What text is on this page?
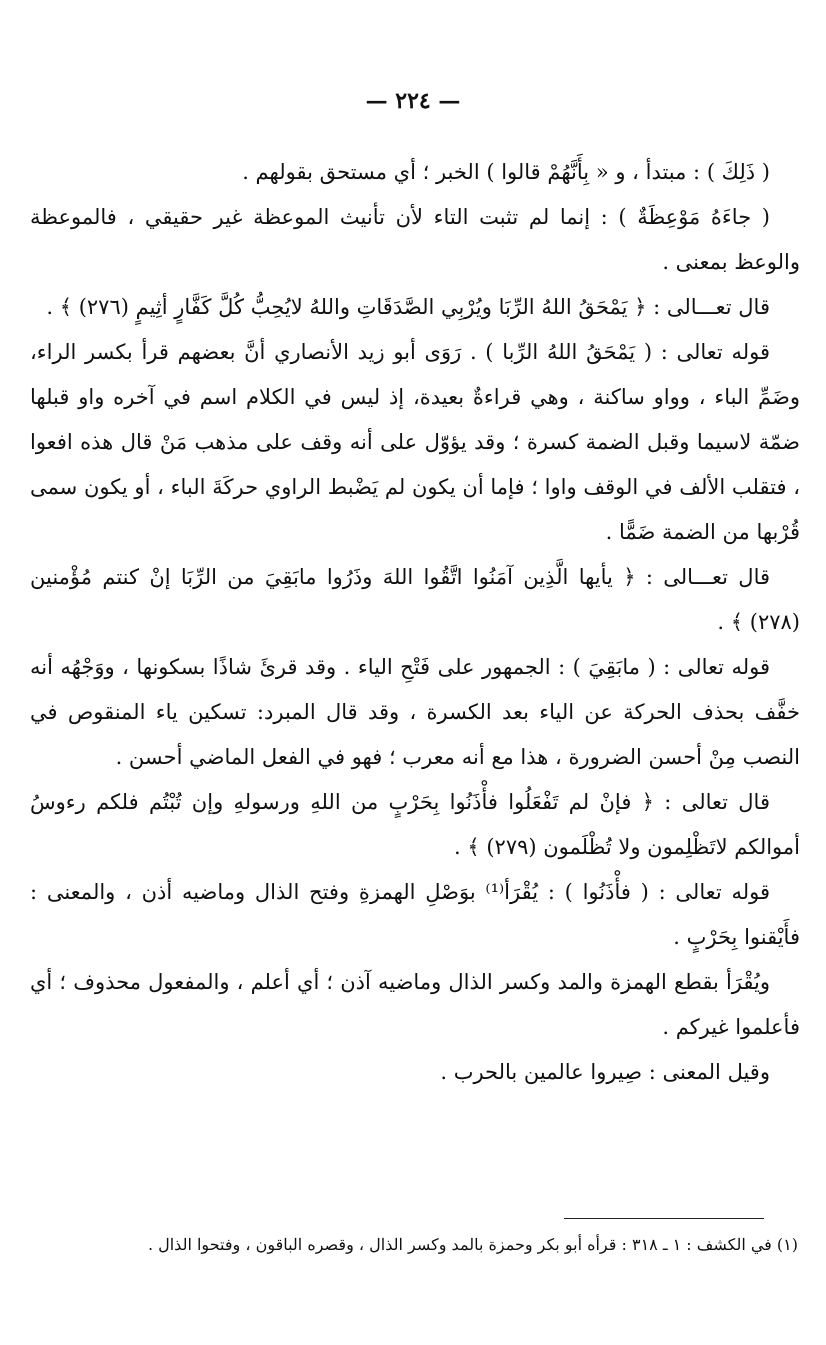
— ٢٢٤ —

( ذَلِكَ ) : مبتدأ ، و « بِأَنَّهُمْ قالوا ) الخبر ؛ أي مستحق بقولهم .

( جاءَهُ مَوْعِظَةٌ ) : إنما لم تثبت التاء لأن تأنيث الموعظة غير حقيقي ، فالموعظة والوعظ بمعنى .

قال تعـــالى : ﴿ يَمْحَقُ اللهُ الرِّبَا ويُرْبِي الصَّدَقَاتِ واللهُ لايُحِبُّ كُلَّ كَفَّارٍ أثِيمٍ (٢٧٦) ﴾ .

قوله تعالى : ( يَمْحَقُ اللهُ الرِّبا ) . رَوَى أبو زيد الأنصاري أنَّ بعضهم قرأ بكسر الراء، وضَمِّ الباء ، وواو ساكنة ، وهي قراءةٌ بعيدة، إذ ليس في الكلام اسم في آخره واو قبلها ضمّة لاسيما وقبل الضمة كسرة ؛ وقد يؤوّل على أنه وقف على مذهب مَنْ قال هذه افعوا ، فتقلب الألف في الوقف واوا ؛ فإما أن يكون لم يَضْبط الراوي حركَةَ الباء ، أو يكون سمى قُرْبها من الضمة ضَمًّا .

قال تعـــالى : ﴿ يأيها الَّذِين آمَنُوا اتَّقُوا اللهَ وذَرُوا مابَقِيَ من الرِّبَا إنْ كنتم مُؤْمنين (٢٧٨) ﴾ .

قوله تعالى : ( مابَقِيَ ) : الجمهور على فَتْحِ الياء . وقد قرئَ شاذًا بسكونها ، ووَجْهُه أنه خفَّف بحذف الحركة عن الياء بعد الكسرة ، وقد قال المبرد: تسكين ياء المنقوص في النصب مِنْ أحسن الضرورة ، هذا مع أنه معرب ؛ فهو في الفعل الماضي أحسن .

قال تعالى : ﴿ فإنْ لم تَفْعَلُوا فأْذَنُوا بِحَرْبٍ من اللهِ ورسولهِ وإن تُبْتُم فلكم رءوسُ أموالكم لاتَظْلِمون ولا تُظْلَمون (٢٧٩) ﴾ .

قوله تعالى : ( فأْذَنُوا ) : يُقْرَأ⁽¹⁾ بوَصْلِ الهمزةِ وفتح الذال وماضيه أذن ، والمعنى : فأَيْقنوا بِحَرْبٍ .

ويُقْرَأ بقطع الهمزة والمد وكسر الذال وماضيه آذن ؛ أي أعلم ، والمفعول محذوف ؛ أي فأعلموا غيركم .

وقيل المعنى : صِيروا عالمين بالحرب .

(١) في الكشف : ١ ـ ٣١٨ : قرأه أبو بكر وحمزة بالمد وكسر الذال ، وقصره الباقون ، وفتحوا الذال .
